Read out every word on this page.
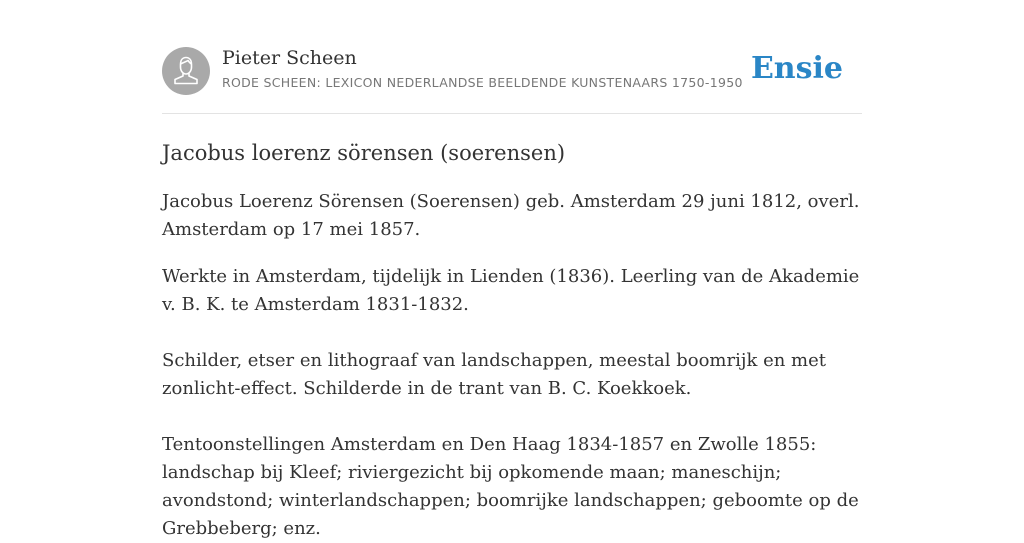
Pieter Scheen
RODE SCHEEN: LEXICON NEDERLANDSE BEELDENDE KUNSTENAARS 1750-1950 Ensie
Jacobus loerenz sörensen (soerensen)

Jacobus Loerenz Sörensen (Soerensen) geb. Amsterdam 29 juni 1812, overl. Amsterdam op 17 mei 1857.

Werkte in Amsterdam, tijdelijk in Lienden (1836). Leerling van de Akademie v. B. K. te Amsterdam 1831-1832.

Schilder, etser en lithograaf van landschappen, meestal boomrijk en met zonlicht-effect. Schilderde in de trant van B. C. Koekkoek.

Tentoonstellingen Amsterdam en Den Haag 1834-1857 en Zwolle 1855: landschap bij Kleef; riviergezicht bij opkomende maan; maneschijn; avondstond; winterlandschappen; boomrijke landschappen; geboomte op de Grebbeberg; enz.
